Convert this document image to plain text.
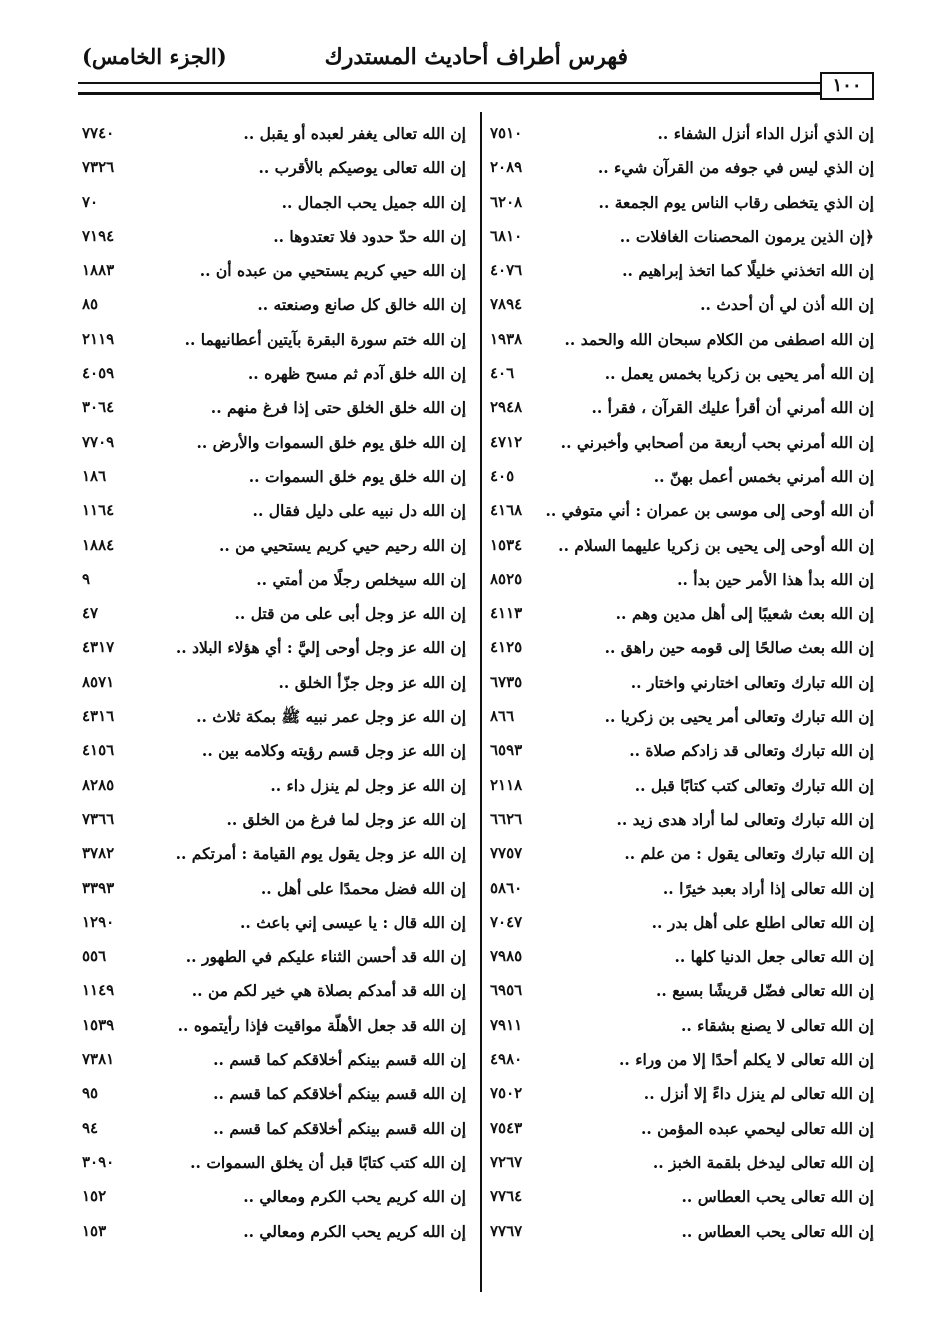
فهرس أطراف أحاديث المستدرك
(الجزء الخامس)
١٠٠
إن الذي أنزل الداء أنزل الشفاء ..
٧٥١٠
إن الذي ليس في جوفه من القرآن شيء ..
٢٠٨٩
إن الذي يتخطى رقاب الناس يوم الجمعة ..
٦٢٠٨
﴿إن الذين يرمون المحصنات الغافلات ..
٦٨١٠
إن الله اتخذني خليلًا كما اتخذ إبراهيم ..
٤٠٧٦
إن الله أذن لي أن أحدث ..
٧٨٩٤
إن الله اصطفى من الكلام سبحان الله والحمد ..
١٩٣٨
إن الله أمر يحيى بن زكريا بخمس يعمل ..
٤٠٦
إن الله أمرني أن أقرأ عليك القرآن ، فقرأ ..
٢٩٤٨
إن الله أمرني بحب أربعة من أصحابي وأخبرني ..
٤٧١٢
إن الله أمرني بخمس أعمل بهنّ ..
٤٠٥
أن الله أوحى إلى موسى بن عمران : أني متوفي ..
٤١٦٨
إن الله أوحى إلى يحيى بن زكريا عليهما السلام ..
١٥٣٤
إن الله بدأ هذا الأمر حين بدأ ..
٨٥٢٥
إن الله بعث شعيبًا إلى أهل مدين وهم ..
٤١١٣
إن الله بعث صالحًا إلى قومه حين راهق ..
٤١٢٥
إن الله تبارك وتعالى اختارني واختار ..
٦٧٣٥
إن الله تبارك وتعالى أمر يحيى بن زكريا ..
٨٦٦
إن الله تبارك وتعالى قد زادكم صلاة ..
٦٥٩٣
إن الله تبارك وتعالى كتب كتابًا قبل ..
٢١١٨
إن الله تبارك وتعالى لما أراد هدى زيد ..
٦٦٢٦
إن الله تبارك وتعالى يقول : من علم ..
٧٧٥٧
إن الله تعالى إذا أراد بعبد خيرًا ..
٥٨٦٠
إن الله تعالى اطلع على أهل بدر ..
٧٠٤٧
إن الله تعالى جعل الدنيا كلها ..
٧٩٨٥
إن الله تعالى فضّل قريشًا بسبع ..
٦٩٥٦
إن الله تعالى لا يصنع بشقاء ..
٧٩١١
إن الله تعالى لا يكلم أحدًا إلا من وراء ..
٤٩٨٠
إن الله تعالى لم ينزل داءً إلا أنزل ..
٧٥٠٢
إن الله تعالى ليحمي عبده المؤمن ..
٧٥٤٣
إن الله تعالى ليدخل بلقمة الخبز ..
٧٢٦٧
إن الله تعالى يحب العطاس ..
٧٧٦٤
إن الله تعالى يحب العطاس ..
٧٧٦٧
إن الله تعالى يغفر لعبده أو يقبل ..
٧٧٤٠
إن الله تعالى يوصيكم بالأقرب ..
٧٣٢٦
إن الله جميل يحب الجمال ..
٧٠
إن الله حدّ حدود فلا تعتدوها ..
٧١٩٤
إن الله حيي كريم يستحيي من عبده أن ..
١٨٨٣
إن الله خالق كل صانع وصنعته ..
٨٥
إن الله ختم سورة البقرة بآيتين أعطانيهما ..
٢١١٩
إن الله خلق آدم ثم مسح ظهره ..
٤٠٥٩
إن الله خلق الخلق حتى إذا فرغ منهم ..
٣٠٦٤
إن الله خلق يوم خلق السموات والأرض ..
٧٧٠٩
إن الله خلق يوم خلق السموات ..
١٨٦
إن الله دل نبيه على دليل فقال ..
١١٦٤
إن الله رحيم حيي كريم يستحيي من ..
١٨٨٤
إن الله سيخلص رجلًا من أمتي ..
٩
إن الله عز وجل أبى على من قتل ..
٤٧
إن الله عز وجل أوحى إليَّ : أي هؤلاء البلاد ..
٤٣١٧
إن الله عز وجل جزّأ الخلق ..
٨٥٧١
إن الله عز وجل عمر نبيه ﷺ بمكة ثلاث ..
٤٣١٦
إن الله عز وجل قسم رؤيته وكلامه بين ..
٤١٥٦
إن الله عز وجل لم ينزل داء ..
٨٢٨٥
إن الله عز وجل لما فرغ من الخلق ..
٧٣٦٦
إن الله عز وجل يقول يوم القيامة : أمرتكم ..
٣٧٨٢
إن الله فضل محمدًا على أهل ..
٣٣٩٣
إن الله قال : يا عيسى إني باعث ..
١٢٩٠
إن الله قد أحسن الثناء عليكم في الطهور ..
٥٥٦
إن الله قد أمدكم بصلاة هي خير لكم من ..
١١٤٩
إن الله قد جعل الأهلّة مواقيت فإذا رأيتموه ..
١٥٣٩
إن الله قسم بينكم أخلاقكم كما قسم ..
٧٣٨١
إن الله قسم بينكم أخلاقكم كما قسم ..
٩٥
إن الله قسم بينكم أخلاقكم كما قسم ..
٩٤
إن الله كتب كتابًا قبل أن يخلق السموات ..
٣٠٩٠
إن الله كريم يحب الكرم ومعالي ..
١٥٢
إن الله كريم يحب الكرم ومعالي ..
١٥٣
